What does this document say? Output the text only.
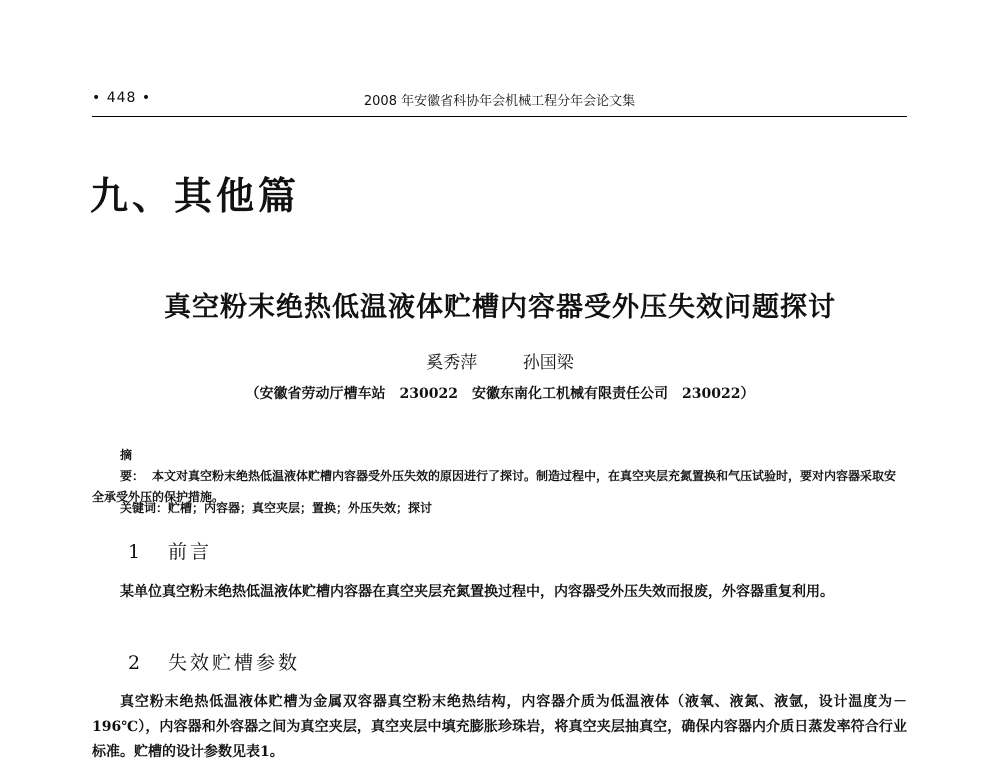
• 448 •	2008 年安徽省科协年会机械工程分年会论文集
九、其他篇
真空粉末绝热低温液体贮槽内容器受外压失效问题探讨
奚秀萍 孙国梁
（安徽省劳动厅槽车站　230022　安徽东南化工机械有限责任公司　230022）
摘　要： 本文对真空粉末绝热低温液体贮槽内容器受外压失效的原因进行了探讨。制造过程中，在真空夹层充氮置换和气压试验时，要对内容器采取安全承受外压的保护措施。
关键词：贮槽；内容器；真空夹层；置换；外压失效；探讨
1 前言
某单位真空粉末绝热低温液体贮槽内容器在真空夹层充氮置换过程中，内容器受外压失效而报废，外容器重复利用。
2 失效贮槽参数
真空粉末绝热低温液体贮槽为金属双容器真空粉末绝热结构，内容器介质为低温液体（液氧、液氮、液氩，设计温度为－196℃），内容器和外容器之间为真空夹层，真空夹层中填充膨胀珍珠岩，将真空夹层抽真空，确保内容器内介质日蒸发率符合行业标准。贮槽的设计参数见表1。
